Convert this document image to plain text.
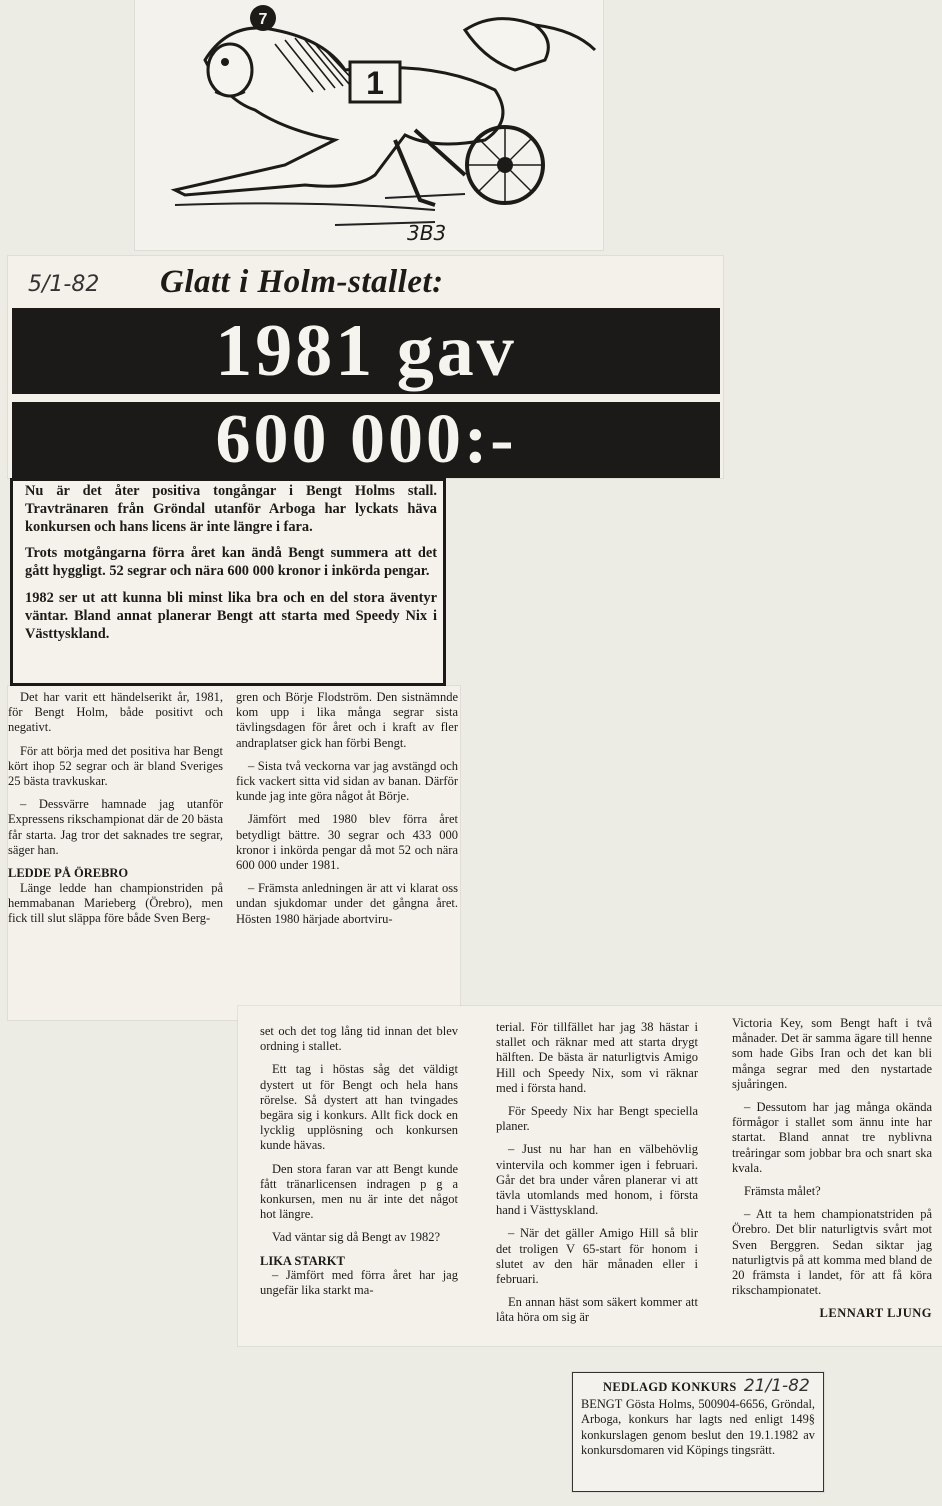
7
1
3B3
5/1-82 Glatt i Holm-stallet:
1981 gav
600 000:-

Nu är det åter positiva tongångar i Bengt Holms stall. Travtränaren från Gröndal utanför Arboga har lyckats häva konkursen och hans licens är inte längre i fara.

Trots motgångarna förra året kan ändå Bengt summera att det gått hyggligt. 52 segrar och nära 600 000 kronor i inkörda pengar.

1982 ser ut att kunna bli minst lika bra och en del stora äventyr väntar. Bland annat planerar Bengt att starta med Speedy Nix i Västtyskland.

Det har varit ett händelserikt år, 1981, för Bengt Holm, både positivt och negativt.

För att börja med det positiva har Bengt kört ihop 52 segrar och är bland Sveriges 25 bästa travkuskar.

– Dessvärre hamnade jag utanför Expressens rikschampionat där de 20 bästa får starta. Jag tror det saknades tre segrar, säger han.

LEDDE PÅ ÖREBRO

Länge ledde han championstriden på hemmabanan Marieberg (Örebro), men fick till slut släppa före både Sven Berg-

gren och Börje Flodström. Den sistnämnde kom upp i lika många segrar sista tävlingsdagen för året och i kraft av fler andraplatser gick han förbi Bengt.

– Sista två veckorna var jag avstängd och fick vackert sitta vid sidan av banan. Därför kunde jag inte göra något åt Börje.

Jämfört med 1980 blev förra året betydligt bättre. 30 segrar och 433 000 kronor i inkörda pengar då mot 52 och nära 600 000 under 1981.

– Främsta anledningen är att vi klarat oss undan sjukdomar under det gångna året. Hösten 1980 härjade abortviru-

set och det tog lång tid innan det blev ordning i stallet.

Ett tag i höstas såg det väldigt dystert ut för Bengt och hela hans rörelse. Så dystert att han tvingades begära sig i konkurs. Allt fick dock en lycklig upplösning och konkursen kunde hävas.

Den stora faran var att Bengt kunde fått tränarlicensen indragen p g a konkursen, men nu är inte det något hot längre.

Vad väntar sig då Bengt av 1982?

LIKA STARKT

– Jämfört med förra året har jag ungefär lika starkt ma-

terial. För tillfället har jag 38 hästar i stallet och räknar med att starta drygt hälften. De bästa är naturligtvis Amigo Hill och Speedy Nix, som vi räknar med i första hand.

För Speedy Nix har Bengt speciella planer.

– Just nu har han en välbehövlig vintervila och kommer igen i februari. Går det bra under våren planerar vi att tävla utomlands med honom, i första hand i Västtyskland.

– När det gäller Amigo Hill så blir det troligen V 65-start för honom i slutet av den här månaden eller i februari.

En annan häst som säkert kommer att låta höra om sig är

Victoria Key, som Bengt haft i två månader. Det är samma ägare till henne som hade Gibs Iran och det kan bli många segrar med den nystartade sjuåringen.

– Dessutom har jag många okända förmågor i stallet som ännu inte har startat. Bland annat tre nyblivna treåringar som jobbar bra och snart ska kvala.

Främsta målet?

– Att ta hem championatstriden på Örebro. Det blir naturligtvis svårt mot Sven Berggren. Sedan siktar jag naturligtvis på att komma med bland de 20 främsta i landet, för att få köra rikschampionatet.

LENNART LJUNG

NEDLAGD KONKURS 21/1-82
BENGT Gösta Holms, 500904-6656, Gröndal, Arboga, konkurs har lagts ned enligt 149§ konkurslagen genom beslut den 19.1.1982 av konkursdomaren vid Köpings tingsrätt.
